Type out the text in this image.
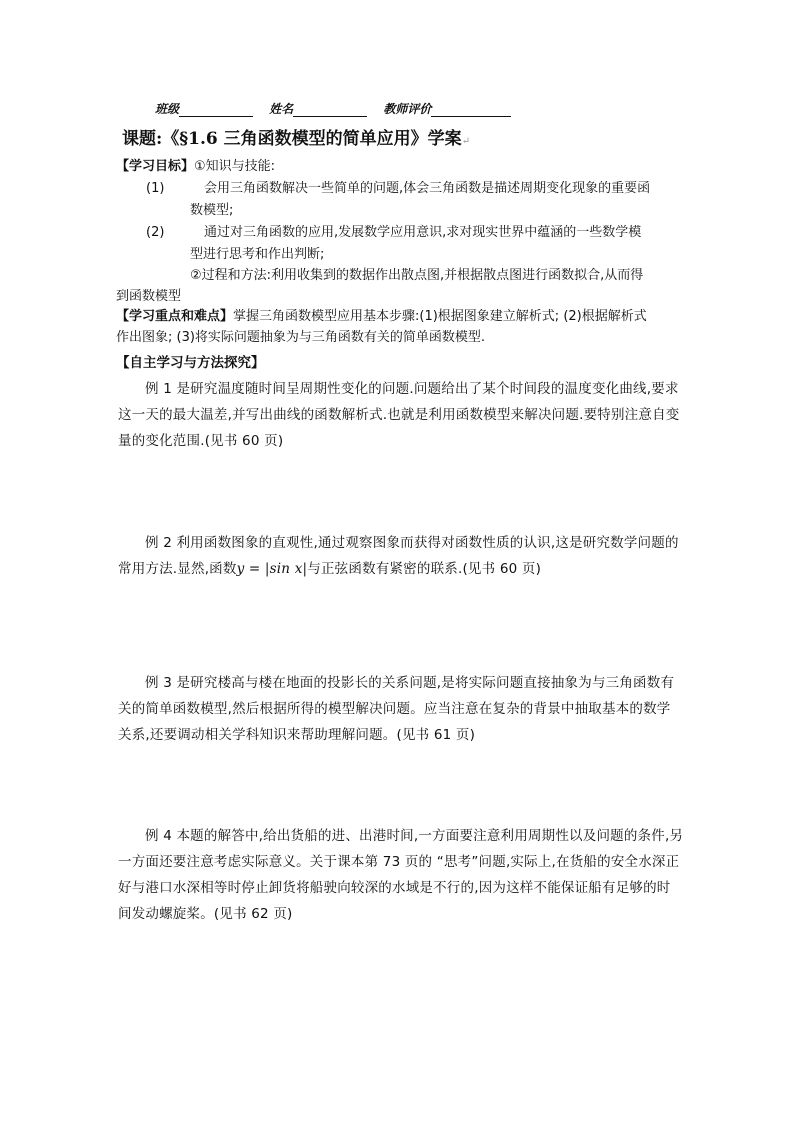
班级	姓名	教师评价
课题:《§1.6 三角函数模型的简单应用》学案↵
【学习目标】①知识与技能:
(1)	会用三角函数解决一些简单的问题,体会三角函数是描述周期变化现象的重要函
数模型;
(2)	通过对三角函数的应用,发展数学应用意识,求对现实世界中蕴涵的一些数学模
型进行思考和作出判断;
②过程和方法:利用收集到的数据作出散点图,并根据散点图进行函数拟合,从而得
到函数模型
【学习重点和难点】掌握三角函数模型应用基本步骤:(1)根据图象建立解析式; (2)根据解析式
作出图象; (3)将实际问题抽象为与三角函数有关的简单函数模型.
【自主学习与方法探究】
例 1 是研究温度随时间呈周期性变化的问题.问题给出了某个时间段的温度变化曲线,要求这一天的最大温差,并写出曲线的函数解析式.也就是利用函数模型来解决问题.要特别注意自变量的变化范围.(见书 60 页)
例 2 利用函数图象的直观性,通过观察图象而获得对函数性质的认识,这是研究数学问题的常用方法.显然,函数y = |sin x|与正弦函数有紧密的联系.(见书 60 页)
例 3 是研究楼高与楼在地面的投影长的关系问题,是将实际问题直接抽象为与三角函数有关的简单函数模型,然后根据所得的模型解决问题。应当注意在复杂的背景中抽取基本的数学关系,还要调动相关学科知识来帮助理解问题。(见书 61 页)
例 4 本题的解答中,给出货船的进、出港时间,一方面要注意利用周期性以及问题的条件,另一方面还要注意考虑实际意义。关于课本第 73 页的 “思考”问题,实际上,在货船的安全水深正好与港口水深相等时停止卸货将船驶向较深的水域是不行的,因为这样不能保证船有足够的时间发动螺旋桨。(见书 62 页)
